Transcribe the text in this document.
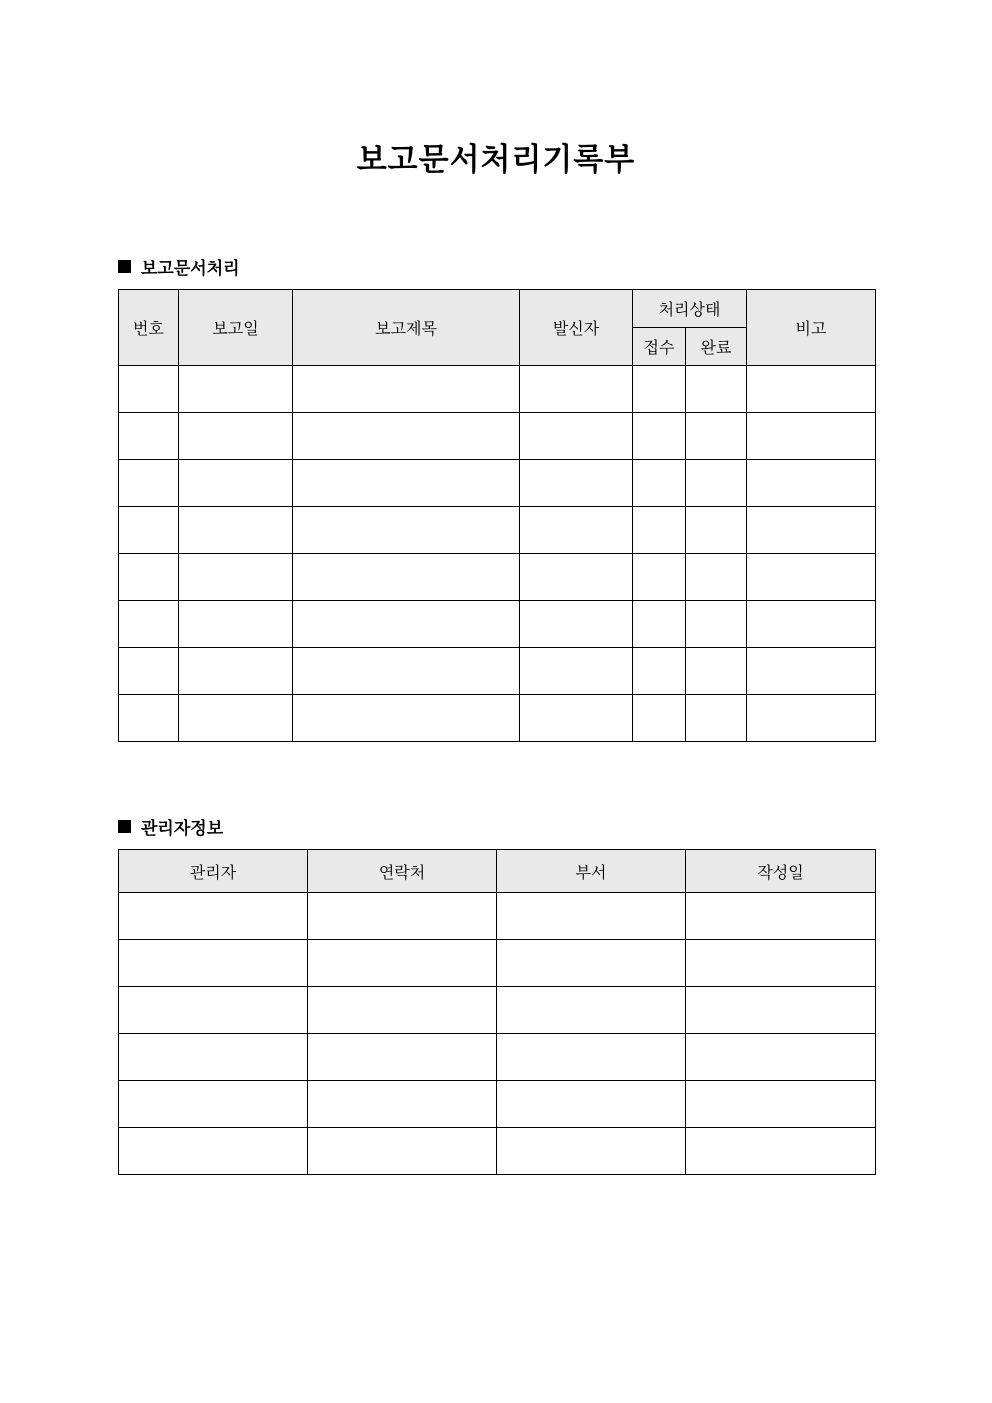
보고문서처리기록부
보고문서처리
번호	보고일	보고제목	발신자	처리상태		비고
				접수	완료	

관리자정보
관리자	연락처	부서	작성일
